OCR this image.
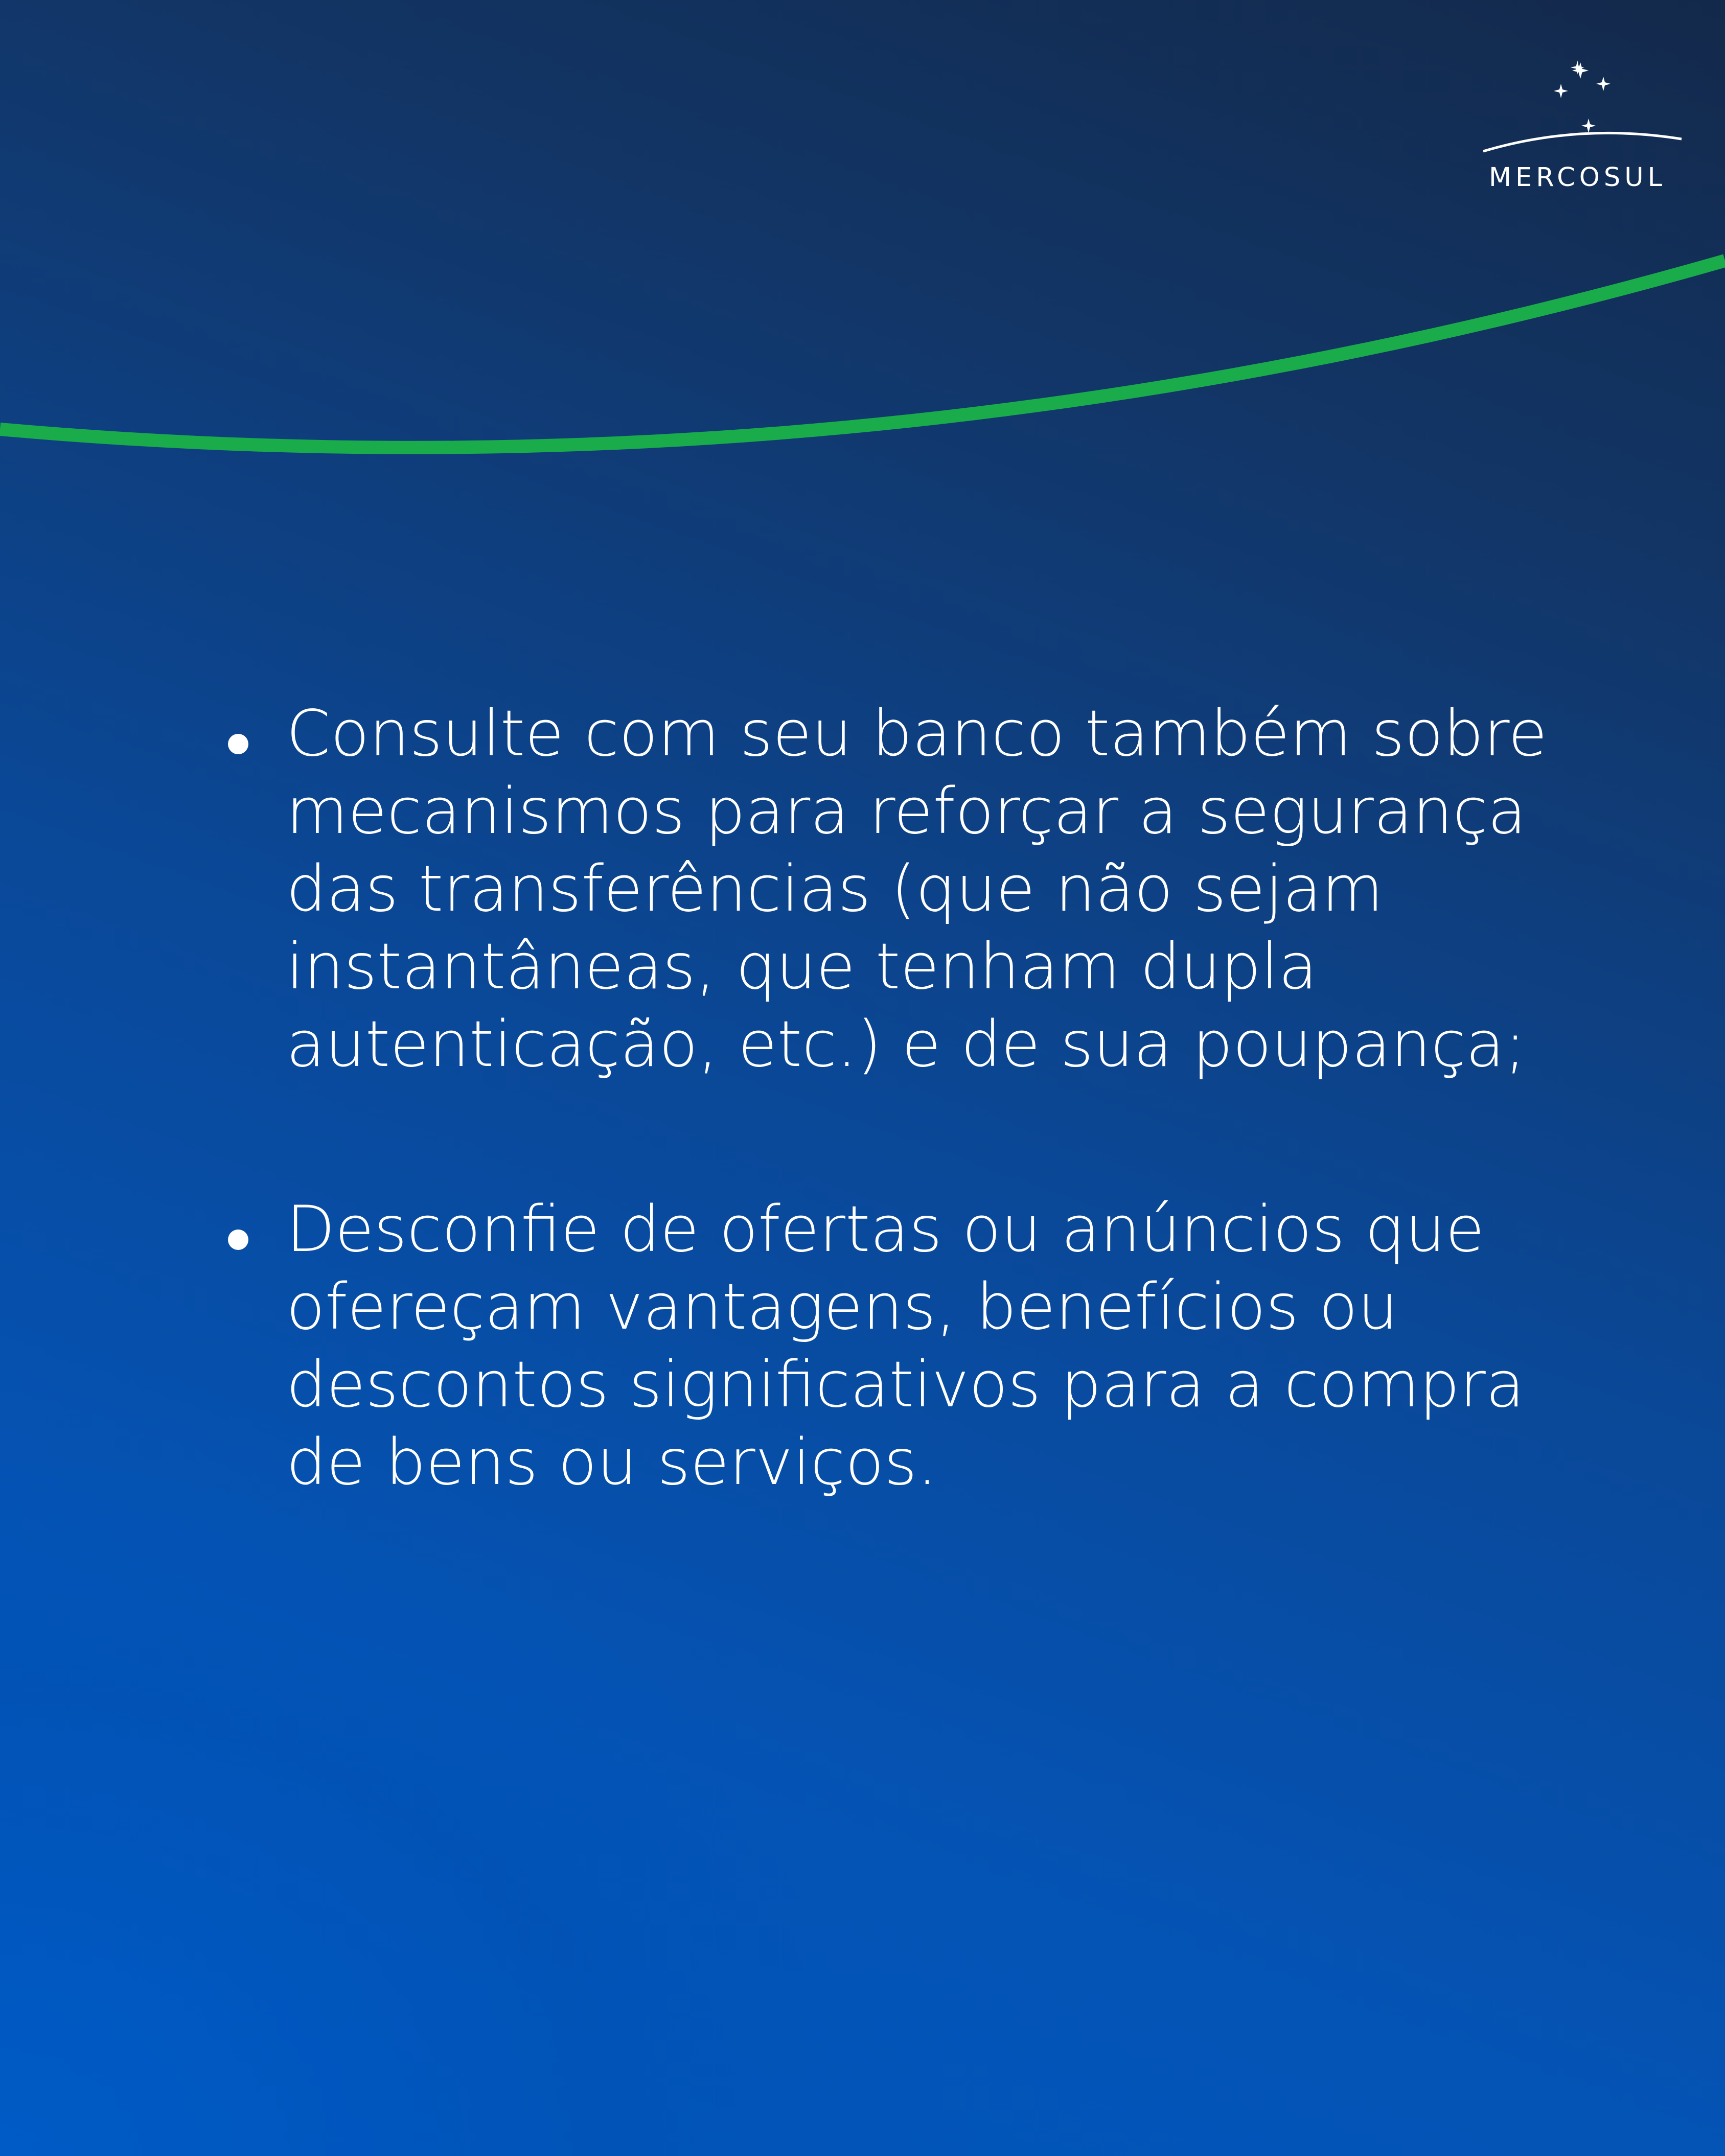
MERCOSUL
Consulte com seu banco também sobre
mecanismos para reforçar a segurança
das transferências (que não sejam
instantâneas, que tenham dupla
autenticação, etc.) e de sua poupança;
Desconfie de ofertas ou anúncios que
ofereçam vantagens, benefícios ou
descontos significativos para a compra
de bens ou serviços.
